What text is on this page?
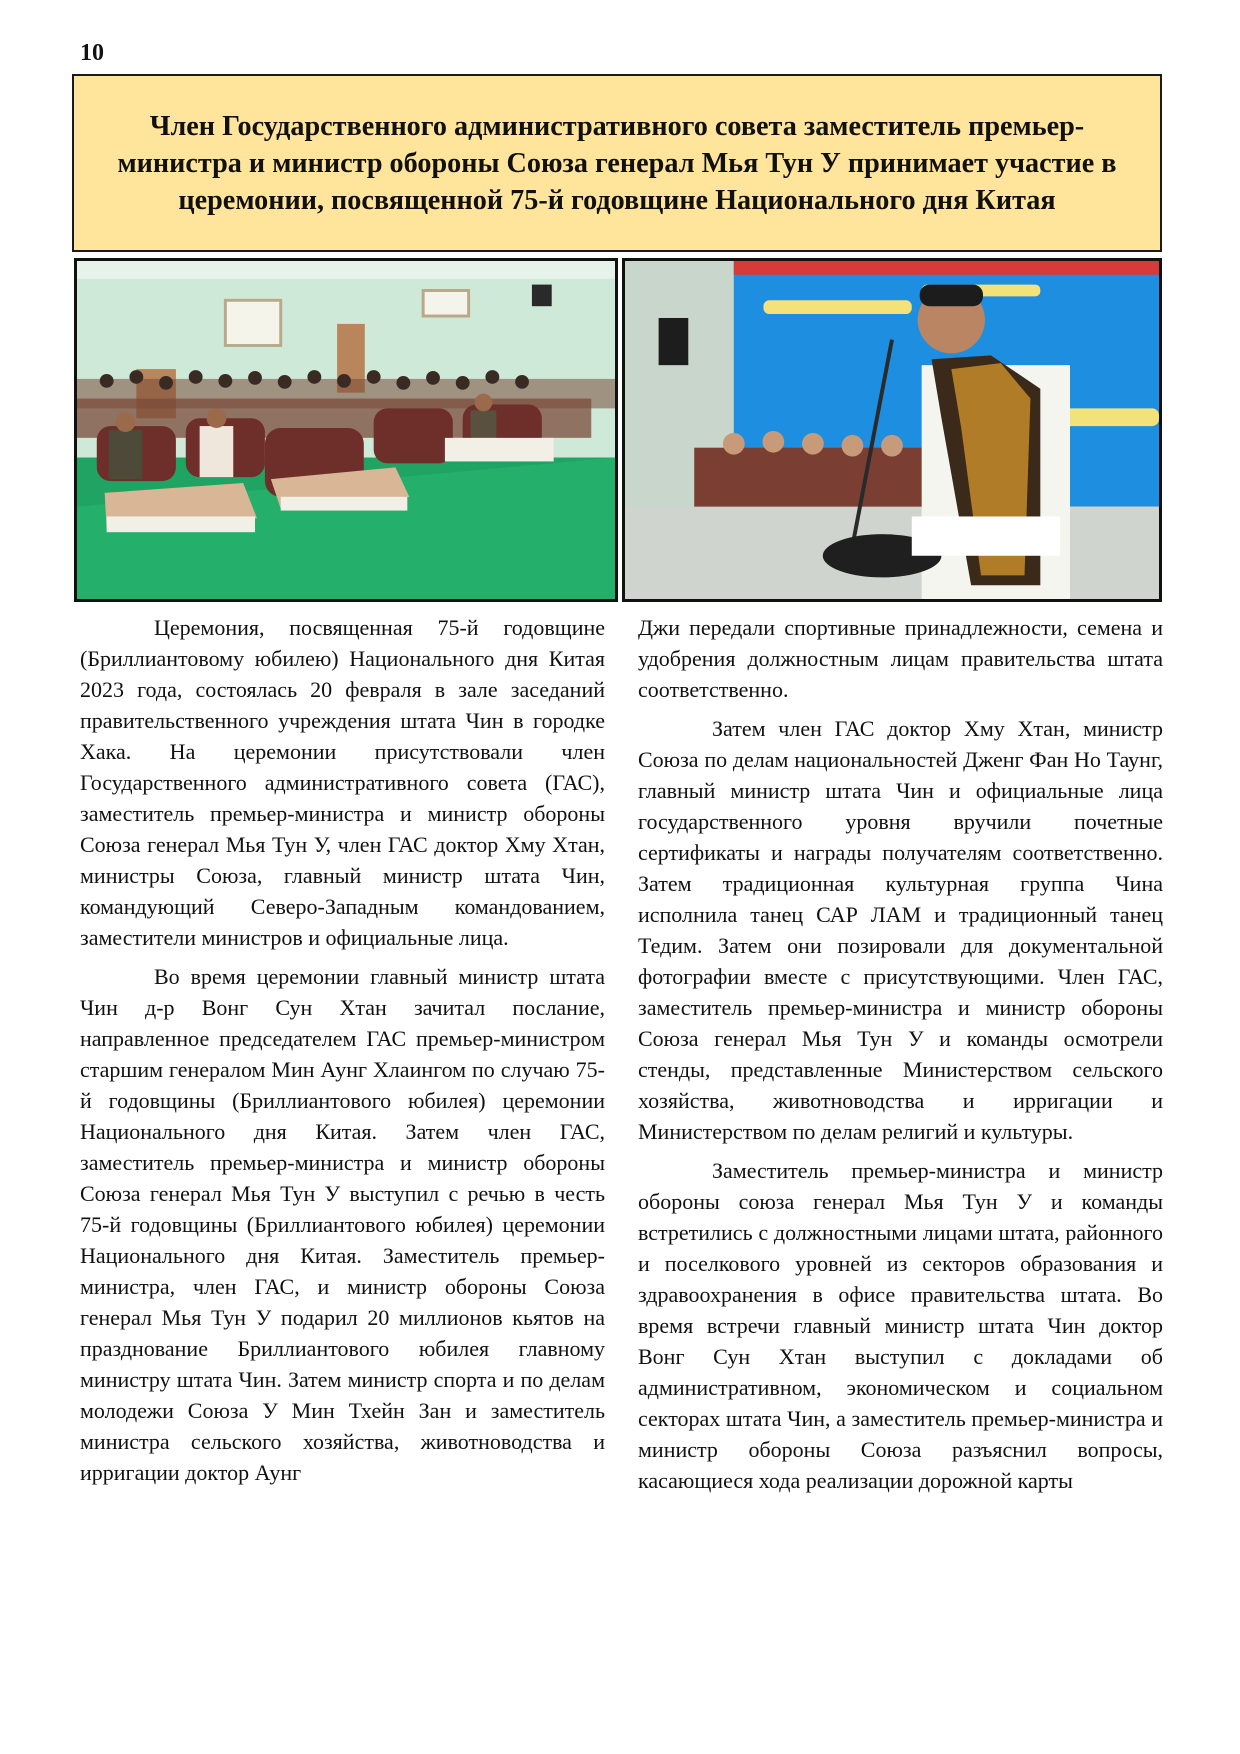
10
Член Государственного административного совета заместитель премьер-министра и министр обороны Союза генерал Мья Тун У принимает участие в церемонии, посвященной 75-й годовщине Национального дня Китая

Церемония, посвященная 75-й годовщине (Бриллиантовому юбилею) Национального дня Китая 2023 года, состоялась 20 февраля в зале заседаний правительственного учреждения штата Чин в городке Хака. На церемонии присутствовали член Государственного административного совета (ГАС), заместитель премьер-министра и министр обороны Союза генерал Мья Тун У, член ГАС доктор Хму Хтан, министры Союза, главный министр штата Чин, командующий Северо-Западным командованием, заместители министров и официальные лица.

Во время церемонии главный министр штата Чин д-р Вонг Сун Хтан зачитал послание, направленное председателем ГАС премьер-министром старшим генералом Мин Аунг Хлаингом по случаю 75-й годовщины (Бриллиантового юбилея) церемонии Национального дня Китая. Затем член ГАС, заместитель премьер-министра и министр обороны Союза генерал Мья Тун У выступил с речью в честь 75-й годовщины (Бриллиантового юбилея) церемонии Национального дня Китая. Заместитель премьер-министра, член ГАС, и министр обороны Союза генерал Мья Тун У подарил 20 миллионов кьятов на празднование Бриллиантового юбилея главному министру штата Чин. Затем министр спорта и по делам молодежи Союза У Мин Тхейн Зан и заместитель министра сельского хозяйства, животноводства и ирригации доктор Аунг

Джи передали спортивные принадлежности, семена и удобрения должностным лицам правительства штата соответственно.

Затем член ГАС доктор Хму Хтан, министр Союза по делам национальностей Дженг Фан Но Таунг, главный министр штата Чин и официальные лица государственного уровня вручили почетные сертификаты и награды получателям соответственно. Затем традиционная культурная группа Чина исполнила танец САР ЛАМ и традиционный танец Тедим. Затем они позировали для документальной фотографии вместе с присутствующими. Член ГАС, заместитель премьер-министра и министр обороны Союза генерал Мья Тун У и команды осмотрели стенды, представленные Министерством сельского хозяйства, животноводства и ирригации и Министерством по делам религий и культуры.

Заместитель премьер-министра и министр обороны союза генерал Мья Тун У и команды встретились с должностными лицами штата, районного и поселкового уровней из секторов образования и здравоохранения в офисе правительства штата. Во время встречи главный министр штата Чин доктор Вонг Сун Хтан выступил с докладами об административном, экономическом и социальном секторах штата Чин, а заместитель премьер-министра и министр обороны Союза разъяснил вопросы, касающиеся хода реализации дорожной карты
